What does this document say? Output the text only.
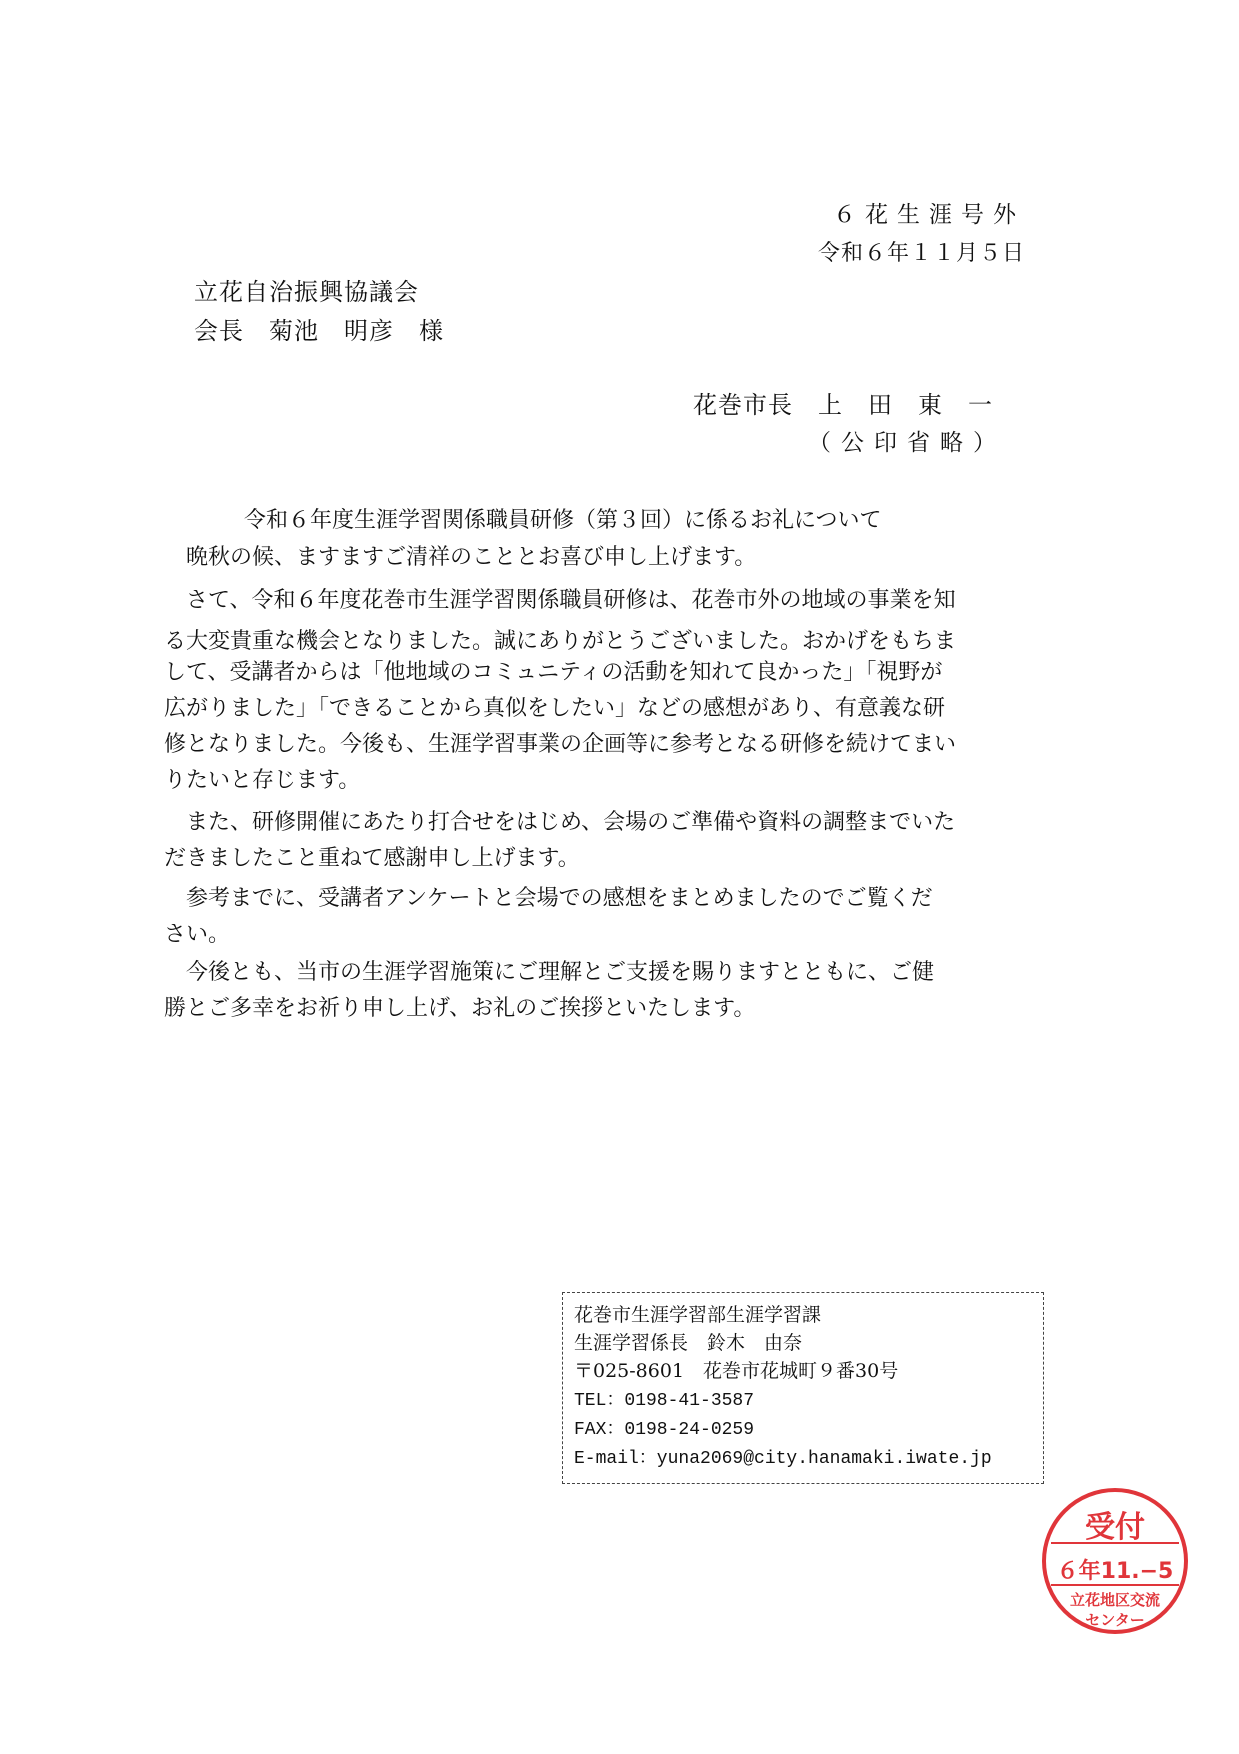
６花生涯号外
令和６年１１月５日
立花自治振興協議会
会長　菊池　明彦　様
花巻市長　上　田　東　一
（公印省略）
令和６年度生涯学習関係職員研修（第３回）に係るお礼について
　晩秋の候、ますますご清祥のこととお喜び申し上げます。
　さて、令和６年度花巻市生涯学習関係職員研修は、花巻市外の地域の事業を知
る大変貴重な機会となりました。誠にありがとうございました。おかげをもちま
して、受講者からは「他地域のコミュニティの活動を知れて良かった」「視野が
広がりました」「できることから真似をしたい」などの感想があり、有意義な研
修となりました。今後も、生涯学習事業の企画等に参考となる研修を続けてまい
りたいと存じます。
　また、研修開催にあたり打合せをはじめ、会場のご準備や資料の調整までいた
だきましたこと重ねて感謝申し上げます。
　参考までに、受講者アンケートと会場での感想をまとめましたのでご覧くだ
さい。
　今後とも、当市の生涯学習施策にご理解とご支援を賜りますとともに、ご健
勝とご多幸をお祈り申し上げ、お礼のご挨拶といたします。
花巻市生涯学習部生涯学習課
生涯学習係長　鈴木　由奈
〒025-8601　花巻市花城町９番30号
TEL：0198-41-3587
FAX：0198-24-0259
E-mail：yuna2069@city.hanamaki.iwate.jp
受付
６年11.−5
立花地区交流
センター
